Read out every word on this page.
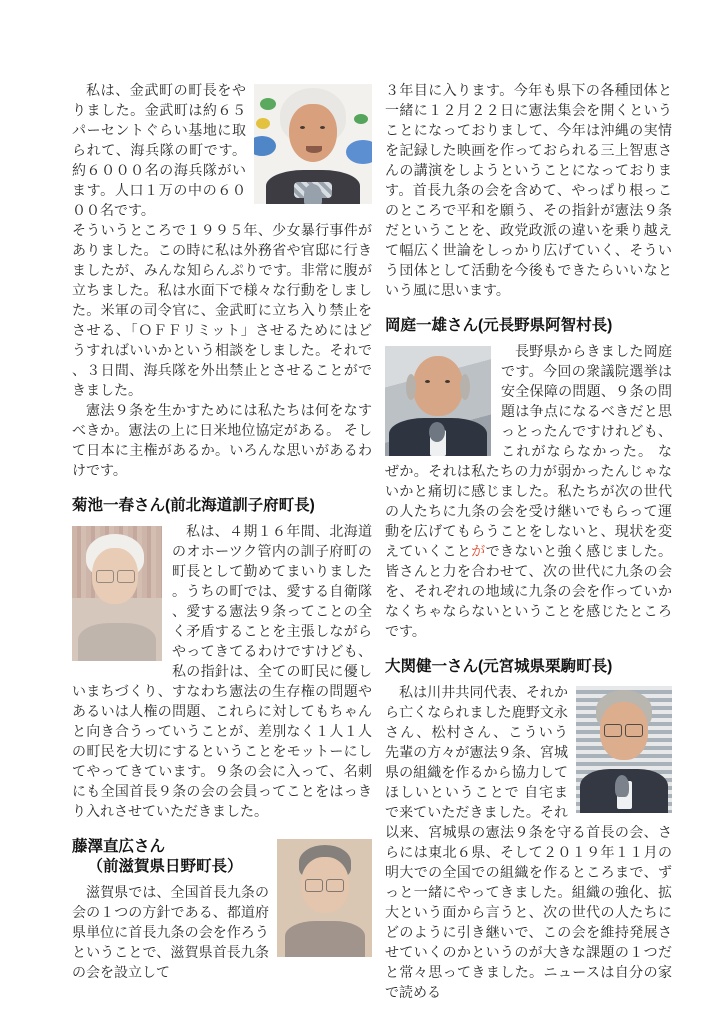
私は、金武町の町長をやりました。金武町は約６５パーセントぐらい基地に取られて、海兵隊の町です。約６０００名の海兵隊がいます。人口１万の中の６０００名です。

そういうところで１９９５年、少女暴行事件がありました。この時に私は外務省や官邸に行きましたが、みんな知らんぷりです。非常に腹が立ちました。私は水面下で様々な行動をしました。米軍の司令官に、金武町に立ち入り禁止をさせる、「ＯＦＦリミット」させるためにはどうすればいいかという相談をしました。それで、３日間、海兵隊を外出禁止とさせることができました。

憲法９条を生かすためには私たちは何をなすべきか。憲法の上に日米地位協定がある。 そして日本に主権があるか。いろんな思いがあるわけです。

菊池一春さん(前北海道訓子府町長)

私は、４期１６年間、北海道のオホーツク管内の訓子府町の町長として勤めてまいりました。うちの町では、愛する自衛隊、愛する憲法９条ってことの全く矛盾することを主張しながらやってきてるわけですけども、私の指針は、全ての町民に優しいまちづくり、すなわち憲法の生存権の問題やあるいは人権の問題、これらに対してもちゃんと向き合うっていうことが、差別なく１人１人の町民を大切にするということをモットーにしてやってきています。９条の会に入って、名刺にも全国首長９条の会の会員ってことをはっきり入れさせていただきました。

藤澤直広さん
（前滋賀県日野町長）

滋賀県では、全国首長九条の会の１つの方針である、都道府県単位に首長九条の会を作ろうということで、滋賀県首長九条の会を設立して

３年目に入ります。今年も県下の各種団体と一緒に１２月２２日に憲法集会を開くということになっておりまして、今年は沖縄の実情を記録した映画を作っておられる三上智恵さんの講演をしようということになっております。首長九条の会を含めて、やっぱり根っこのところで平和を願う、その指針が憲法９条だということを、政党政派の違いを乗り越えて幅広く世論をしっかり広げていく、そういう団体として活動を今後もできたらいいなという風に思います。

岡庭一雄さん(元長野県阿智村長)

長野県からきました岡庭です。今回の衆議院選挙は安全保障の問題、９条の問題は争点になるべきだと思っとったんですけれども、これがならなかった。 なぜか。それは私たちの力が弱かったんじゃないかと痛切に感じました。私たちが次の世代の人たちに九条の会を受け継いでもらって運動を広げてもらうことをしないと、現状を変えていくことができないと強く感じました。皆さんと力を合わせて、次の世代に九条の会を、それぞれの地域に九条の会を作っていかなくちゃならないということを感じたところです。

大関健一さん(元宮城県栗駒町長)

私は川井共同代表、それから亡くなられました鹿野文永さん、松村さん、こういう先輩の方々が憲法９条、宮城県の組織を作るから協力してほしいということで 自宅まで来ていただきました。それ以来、宮城県の憲法９条を守る首長の会、さらには東北６県、そして２０１９年１１月の明大での全国での組織を作るところまで、ずっと一緒にやってきました。組織の強化、拡大という面から言うと、次の世代の人たちにどのように引き継いで、この会を維持発展させていくのかというのが大きな課題の１つだと常々思ってきました。ニュースは自分の家で読める
